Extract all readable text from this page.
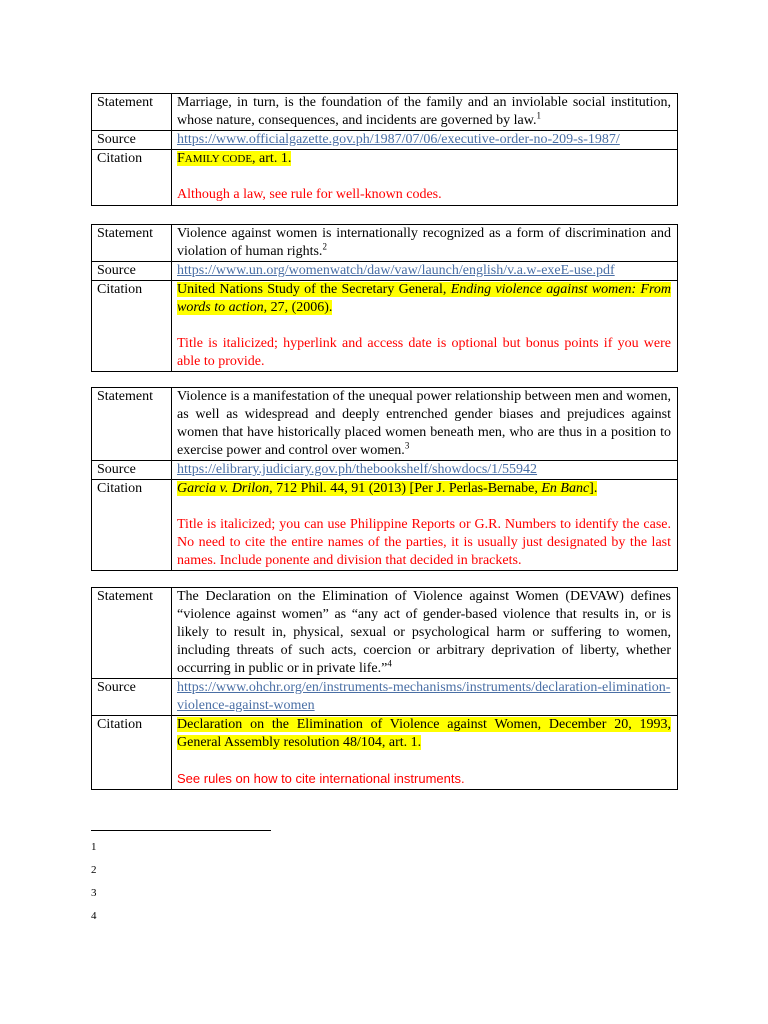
Statement	Marriage, in turn, is the foundation of the family and an inviolable social institution, whose nature, consequences, and incidents are governed by law.$^1$
Source	https://www.officialgazette.gov.ph/1987/07/06/executive-order-no-209-s-1987/
Citation	FAMILY CODE, art. 1.

Although a law, see rule for well-known codes.

Statement	Violence against women is internationally recognized as a form of discrimination and violation of human rights.$^2$
Source	https://www.un.org/womenwatch/daw/vaw/launch/english/v.a.w-exeE-use.pdf
Citation	United Nations Study of the Secretary General, Ending violence against women: From words to action, 27, (2006).

Title is italicized; hyperlink and access date is optional but bonus points if you were able to provide.

Statement	Violence is a manifestation of the unequal power relationship between men and women, as well as widespread and deeply entrenched gender biases and prejudices against women that have historically placed women beneath men, who are thus in a position to exercise power and control over women.$^3$
Source	https://elibrary.judiciary.gov.ph/thebookshelf/showdocs/1/55942
Citation	Garcia v. Drilon, 712 Phil. 44, 91 (2013) [Per J. Perlas-Bernabe, En Banc].

Title is italicized; you can use Philippine Reports or G.R. Numbers to identify the case. No need to cite the entire names of the parties, it is usually just designated by the last names. Include ponente and division that decided in brackets.

Statement	The Declaration on the Elimination of Violence against Women (DEVAW) defines “violence against women” as “any act of gender-based violence that results in, or is likely to result in, physical, sexual or psychological harm or suffering to women, including threats of such acts, coercion or arbitrary deprivation of liberty, whether occurring in public or in private life.”$^4$
Source	https://www.ohchr.org/en/instruments-mechanisms/instruments/declaration-elimination-violence-against-women
Citation	Declaration on the Elimination of Violence against Women, December 20, 1993, General Assembly resolution 48/104, art. 1.

See rules on how to cite international instruments.

1
2
3
4
